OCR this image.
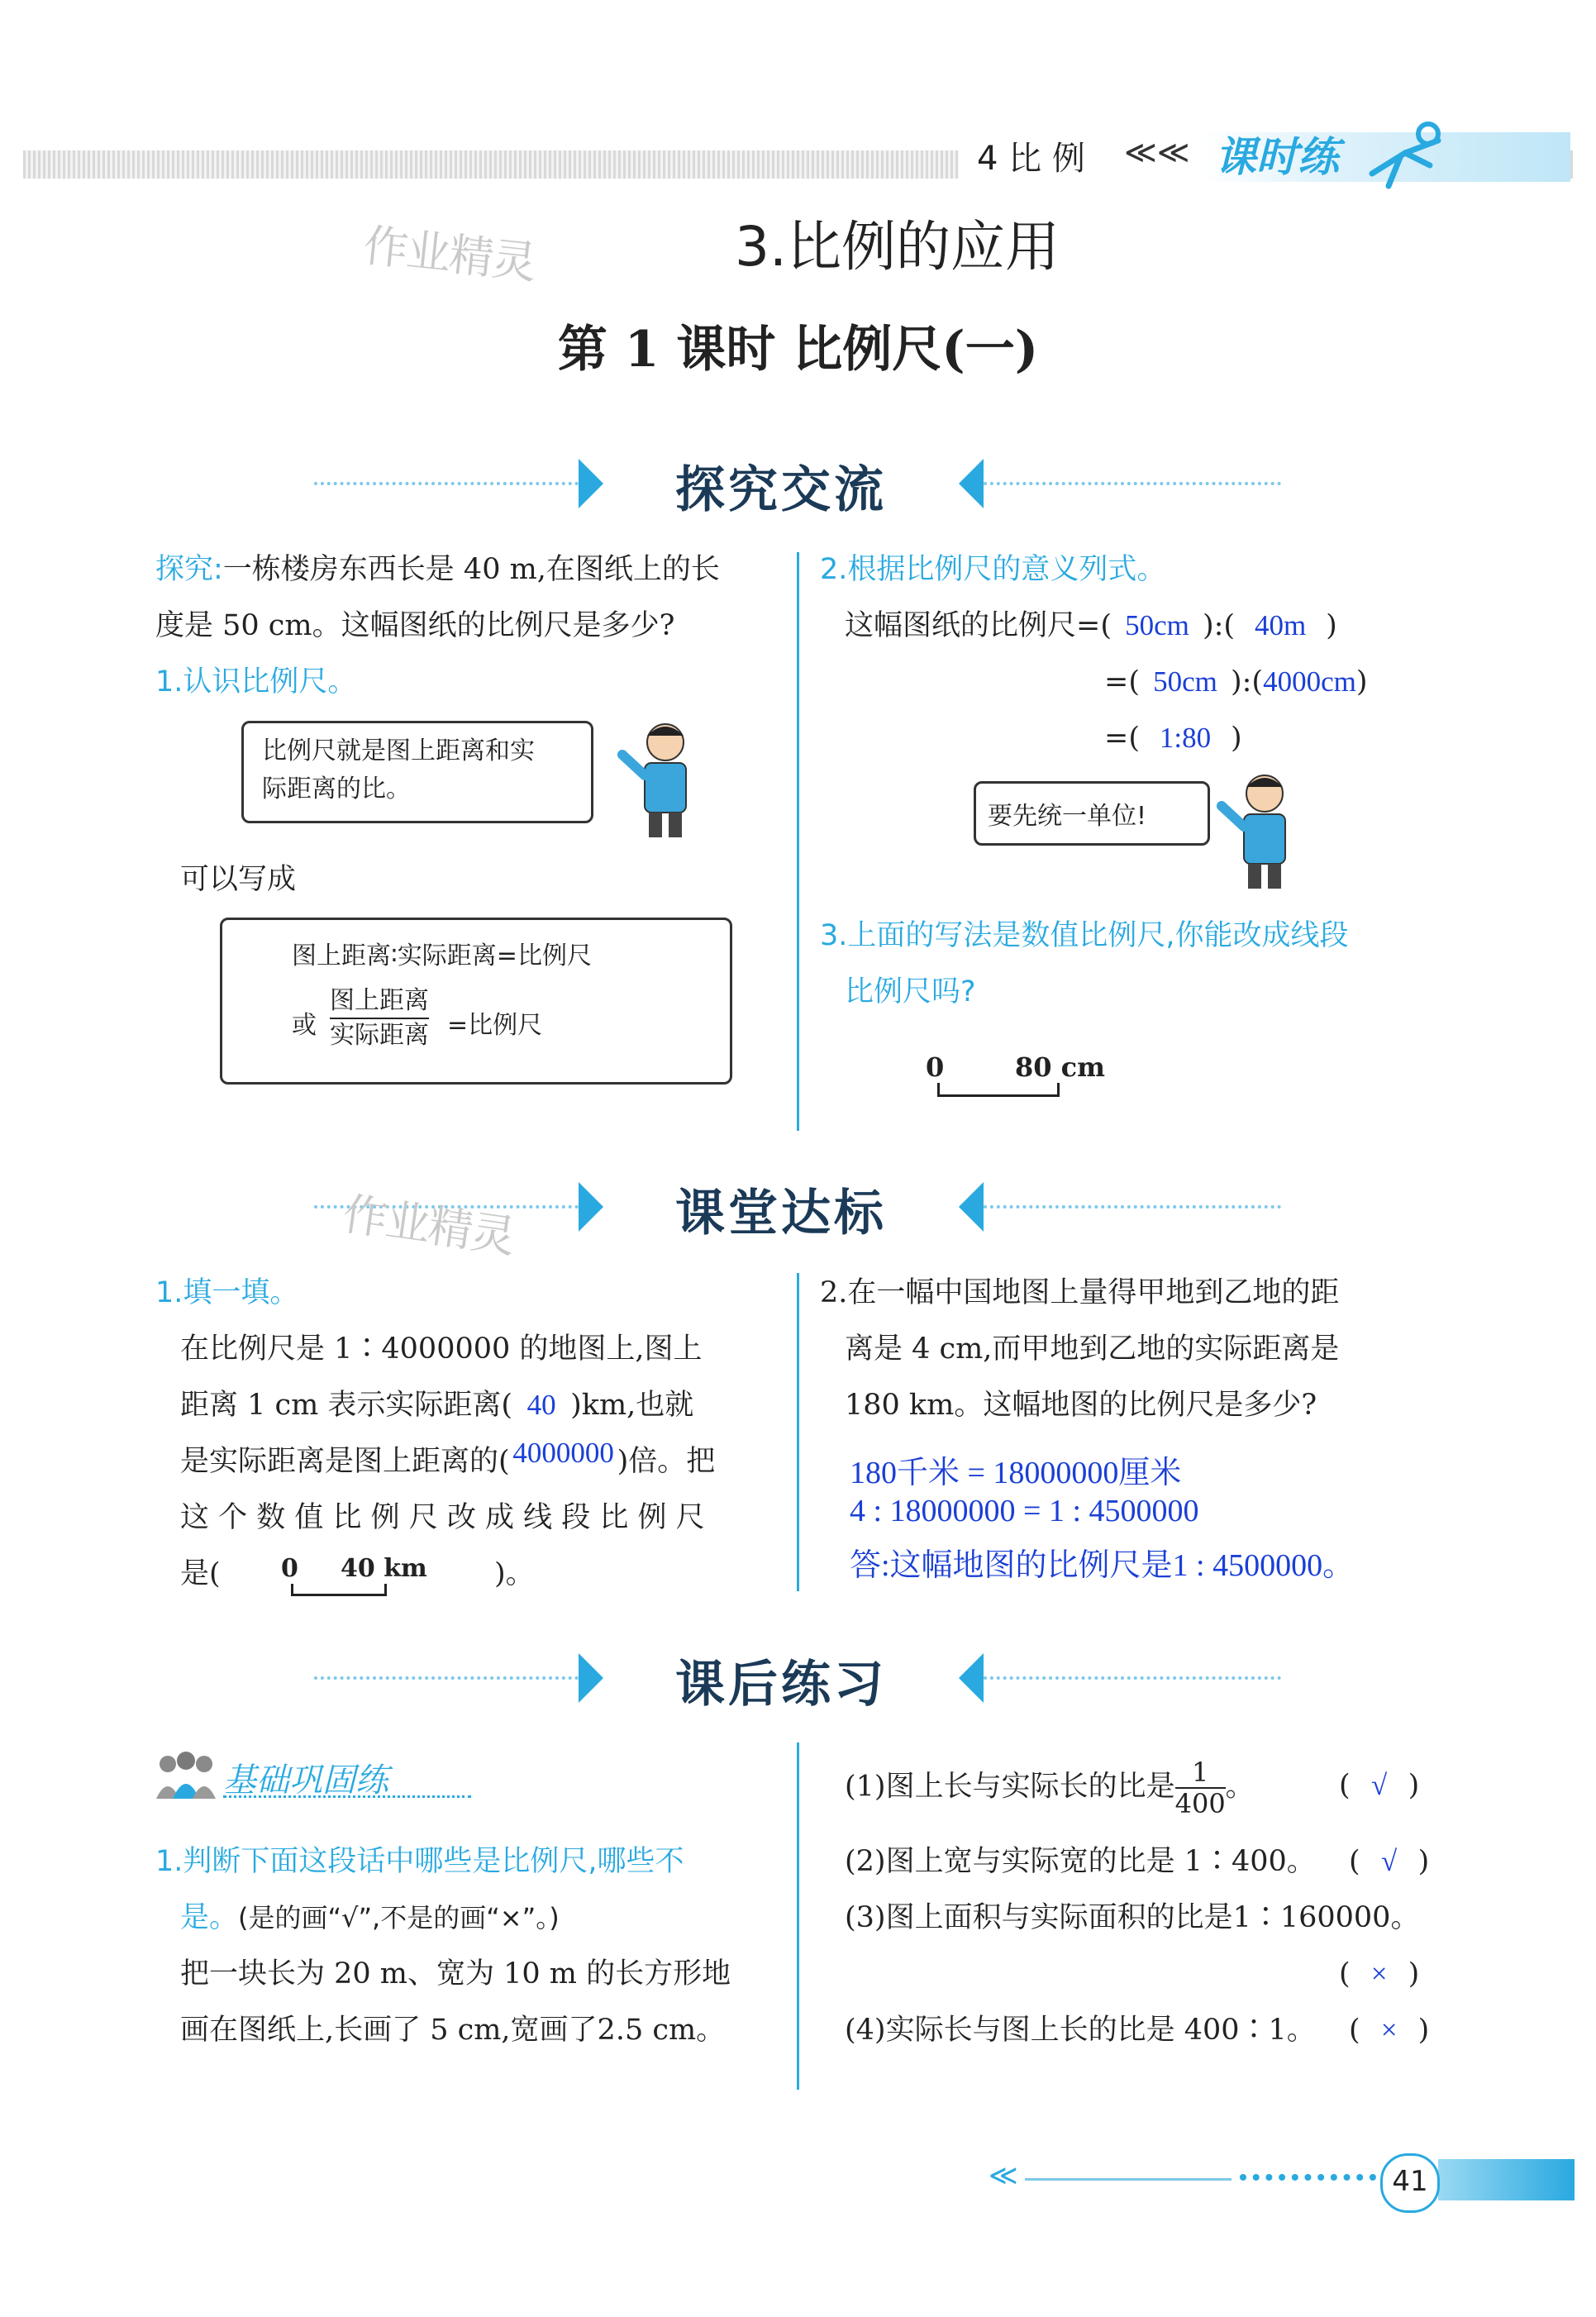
4 比 例 ≪≪ 课时练
作业精灵	3.比例的应用
第 1 课时 比例尺(一)
探究交流
探究:一栋楼房东西长是 40 m,在图纸上的长
度是 50 cm。这幅图纸的比例尺是多少?
1.认识比例尺。
比例尺就是图上距离和实
际距离的比。
可以写成
图上距离∶实际距离=比例尺
或 $\frac{\text{图上距离}}{\text{实际距离}}$ =比例尺
2.根据比例尺的意义列式。
这幅图纸的比例尺=( 50cm ):( 40m )
=( 50cm ):(4000cm)
=( 1:80 )
要先统一单位!
3.上面的写法是数值比例尺,你能改成线段
比例尺吗?
0	80 cm
课堂达标
作业精灵
1.填一填。
在比例尺是 1∶4000000 的地图上,图上
距离 1 cm 表示实际距离( 40 )km,也就
是实际距离是图上距离的( 4000000 )倍。把
这 个 数 值 比 例 尺 改 成 线 段 比 例 尺
是( 0 40 km )。
2.在一幅中国地图上量得甲地到乙地的距
离是 4 cm,而甲地到乙地的实际距离是
180 km。这幅地图的比例尺是多少?
180千米 = 18000000厘米
4 : 18000000 = 1 : 4500000
答:这幅地图的比例尺是1 : 4500000。
课后练习
基础巩固练
1.判断下面这段话中哪些是比例尺,哪些不
是。(是的画“√”,不是的画“×”。)
把一块长为 20 m、宽为 10 m 的长方形地
画在图纸上,长画了 5 cm,宽画了2.5 cm。
(1)图上长与实际长的比是 $\frac{1}{400}$ 。	( √ )
(2)图上宽与实际宽的比是 1∶400。 ( √ )
(3)图上面积与实际面积的比是1∶160000。
( × )
(4)实际长与图上长的比是 400∶1。 ( × )
≪	41
